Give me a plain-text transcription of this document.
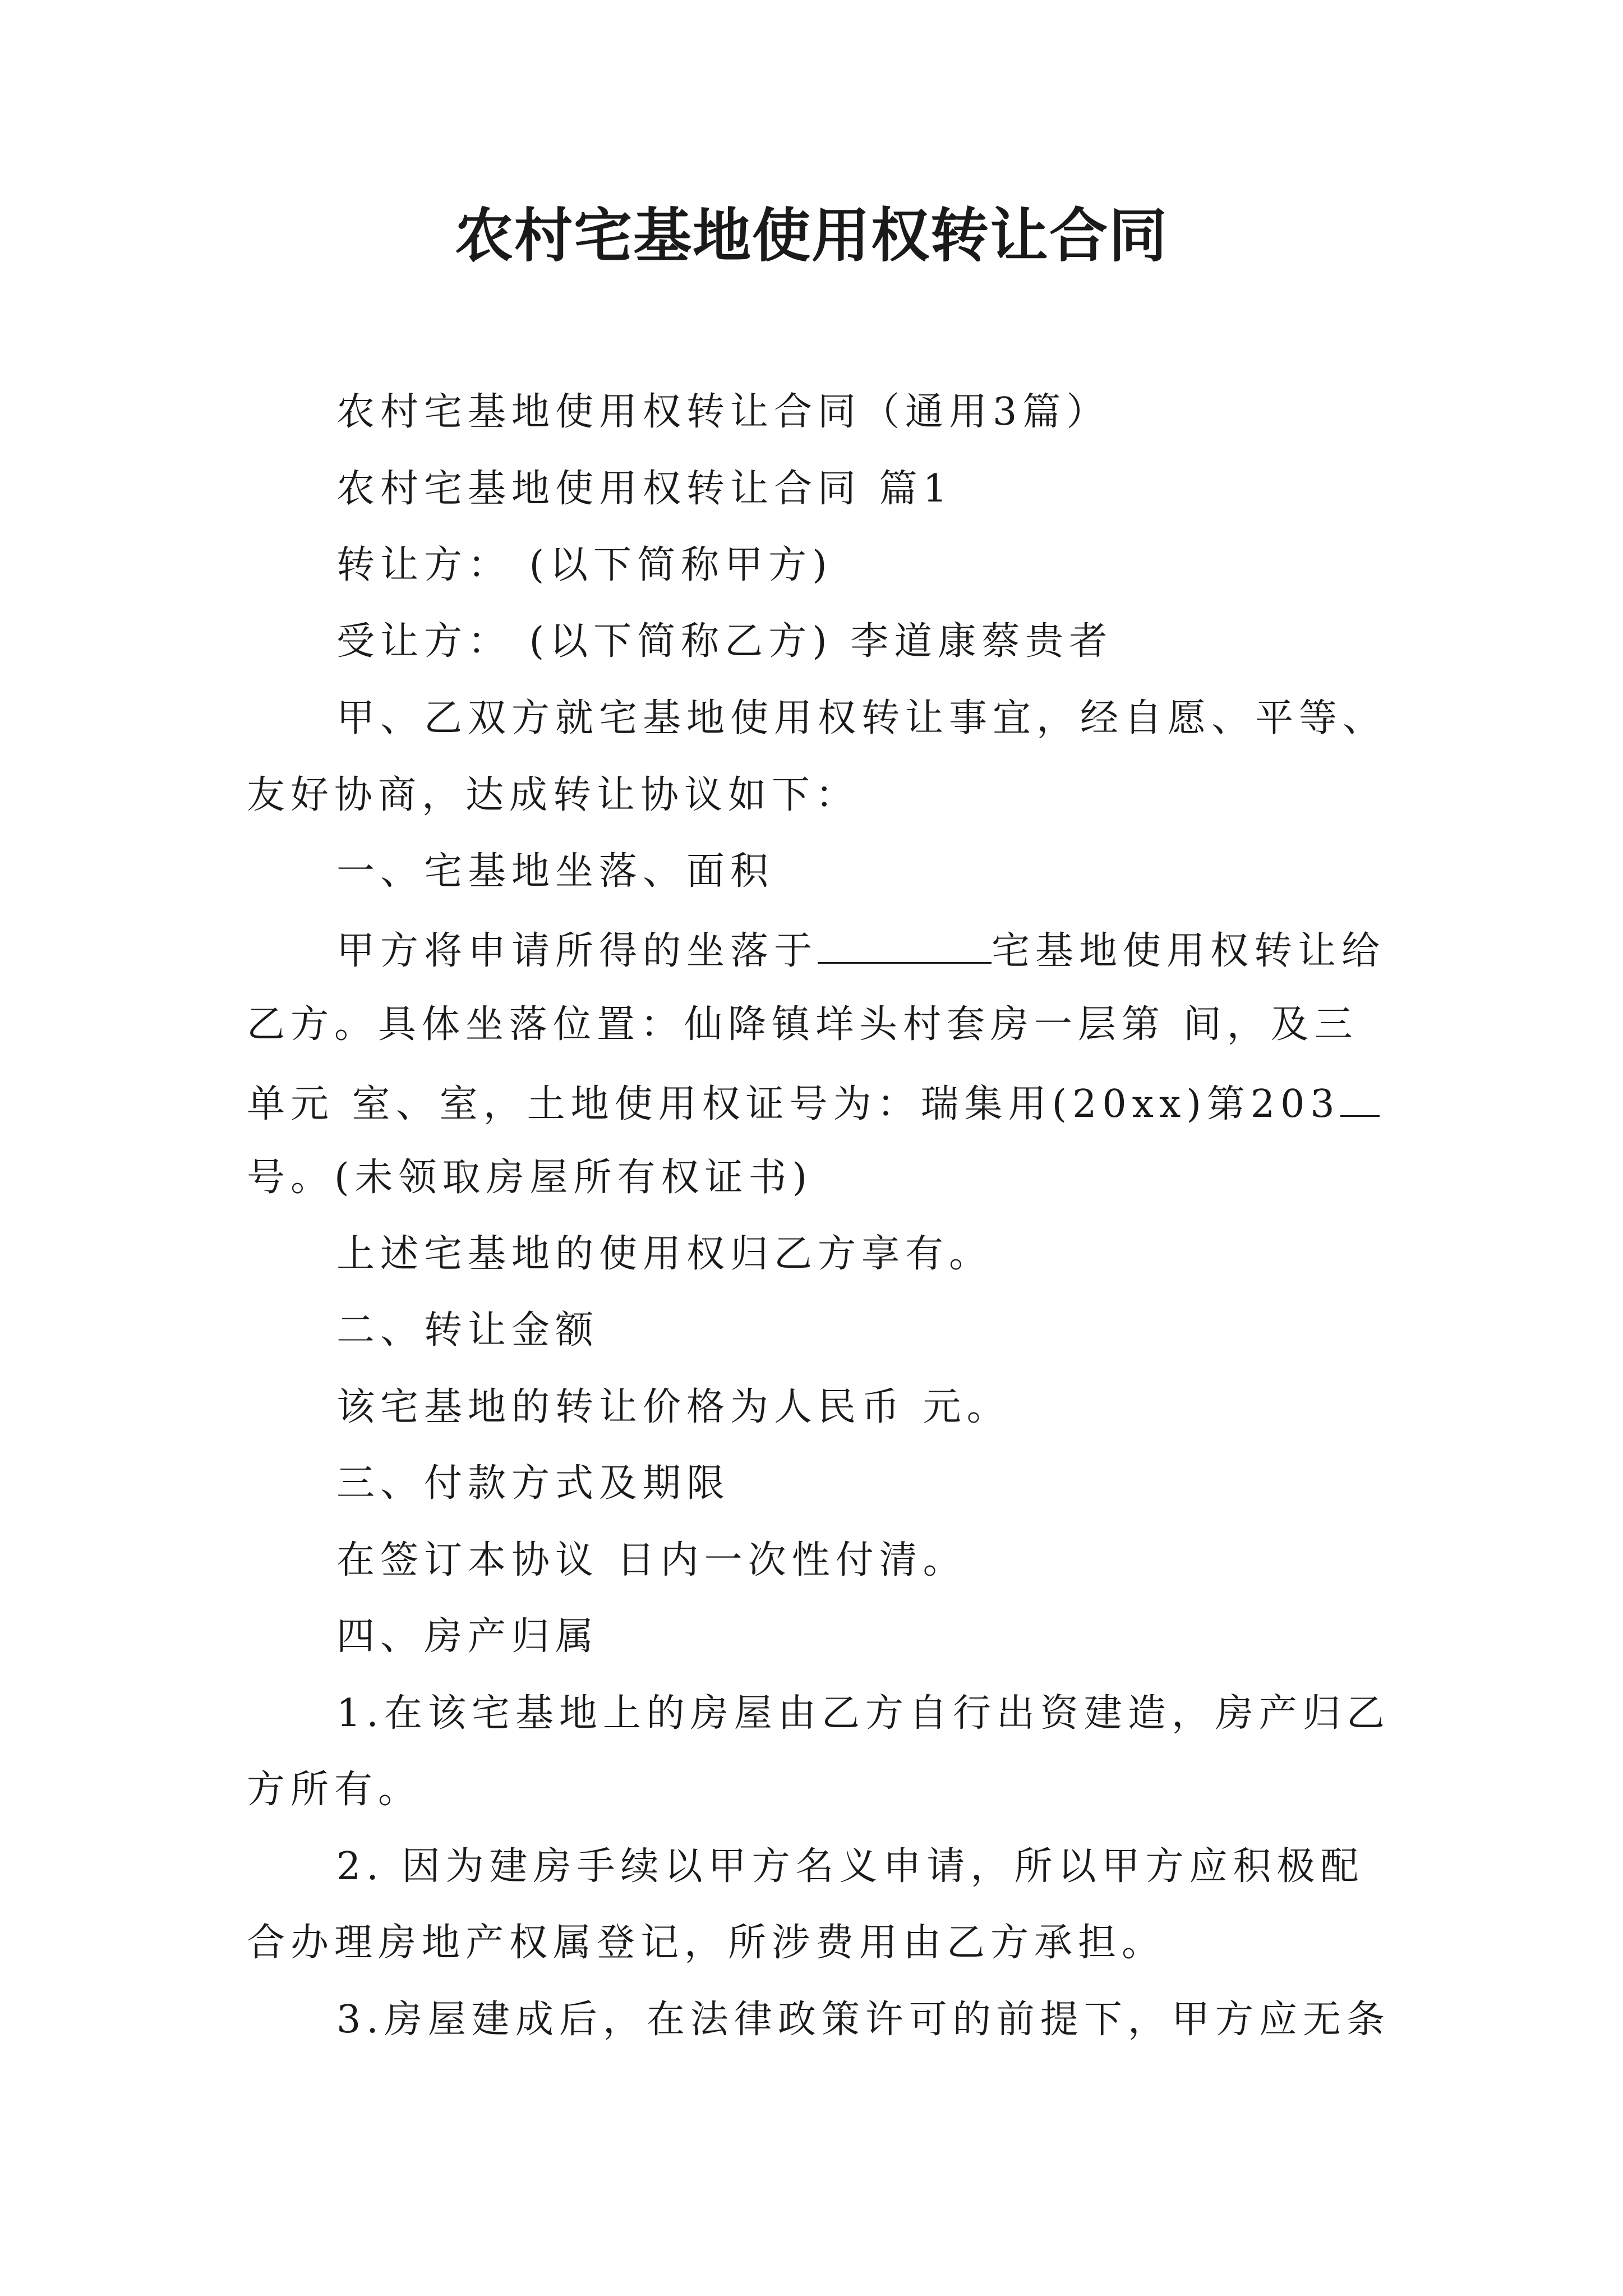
农村宅基地使用权转让合同
农村宅基地使用权转让合同（通用3篇）
农村宅基地使用权转让合同 篇1
转让方： (以下简称甲方)
受让方： (以下简称乙方) 李道康蔡贵者
甲、乙双方就宅基地使用权转让事宜，经自愿、平等、
友好协商，达成转让协议如下：
一、宅基地坐落、面积
甲方将申请所得的坐落于	宅基地使用权转让给
乙方。具体坐落位置：仙降镇垟头村套房一层第 间，及三
单元 室、室，土地使用权证号为：瑞集用(20xx)第203
号。(未领取房屋所有权证书)
上述宅基地的使用权归乙方享有。
二、转让金额
该宅基地的转让价格为人民币 元。
三、付款方式及期限
在签订本协议 日内一次性付清。
四、房产归属
1.在该宅基地上的房屋由乙方自行出资建造，房产归乙
方所有。
2. 因为建房手续以甲方名义申请，所以甲方应积极配
合办理房地产权属登记，所涉费用由乙方承担。
3.房屋建成后，在法律政策许可的前提下，甲方应无条
